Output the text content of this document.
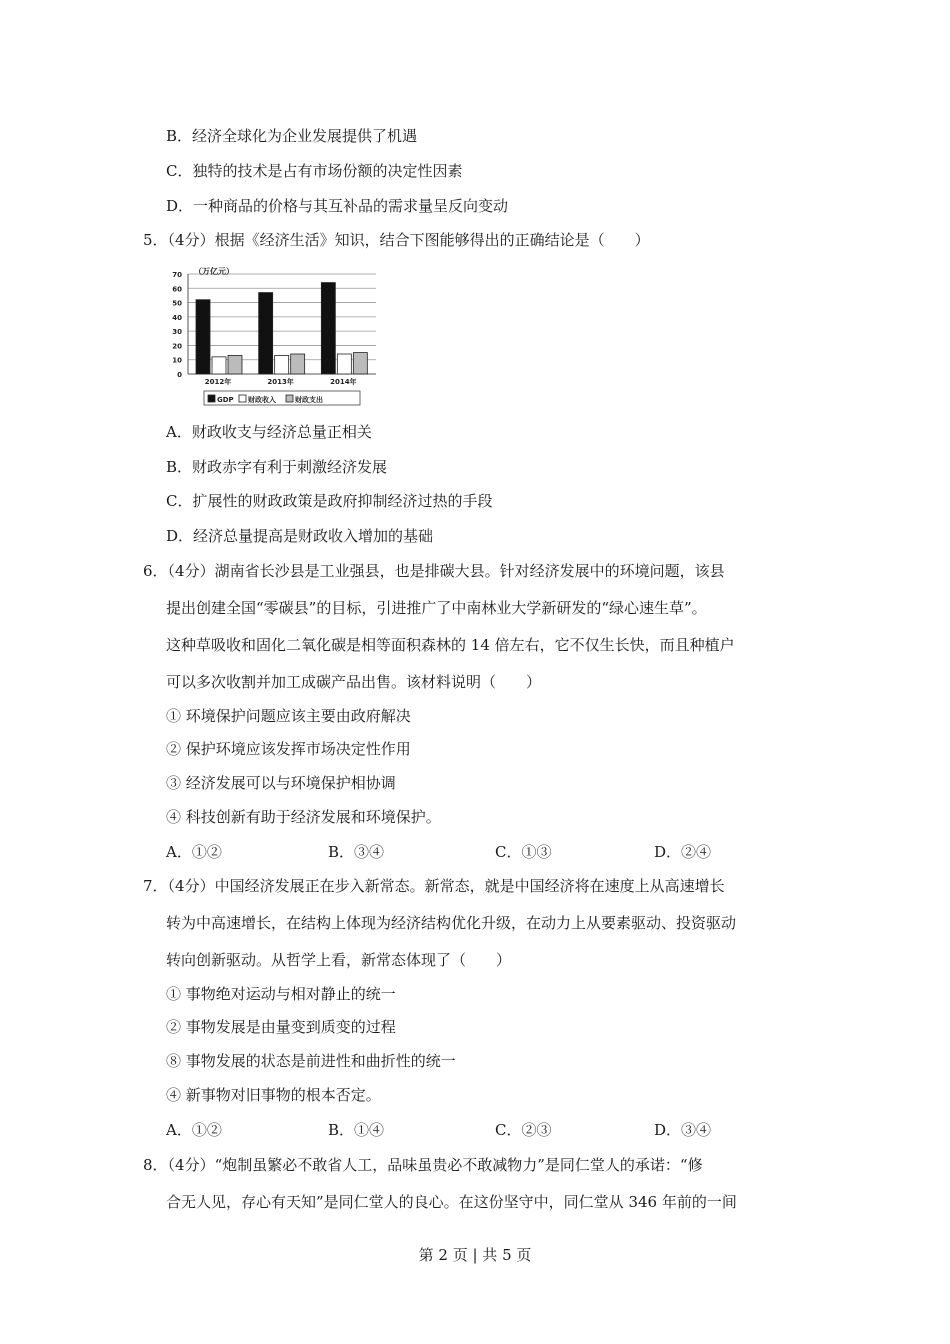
B．经济全球化为企业发展提供了机遇
C．独特的技术是占有市场份额的决定性因素
D．一种商品的价格与其互补品的需求量呈反向变动
5．（4分）根据《经济生活》知识，结合下图能够得出的正确结论是（　　）
0
10
20
30
40
50
60
70 （万亿元）
2012年	2013年	2014年
GDP 财政收入	财政支出
A．财政收支与经济总量正相关
B．财政赤字有利于刺激经济发展
C．扩展性的财政政策是政府抑制经济过热的手段
D．经济总量提高是财政收入增加的基础
6．（4分）湖南省长沙县是工业强县，也是排碳大县。针对经济发展中的环境问题，该县
提出创建全国“零碳县”的目标，引进推广了中南林业大学新研发的“绿心速生草”。
这种草吸收和固化二氧化碳是相等面积森林的 14 倍左右，它不仅生长快，而且种植户
可以多次收割并加工成碳产品出售。该材料说明（　　）
① 环境保护问题应该主要由政府解决
② 保护环境应该发挥市场决定性作用
③ 经济发展可以与环境保护相协调
④ 科技创新有助于经济发展和环境保护。
A．①②	B．③④	C．①③	D．②④
7．（4分）中国经济发展正在步入新常态。新常态，就是中国经济将在速度上从高速增长
转为中高速增长，在结构上体现为经济结构优化升级，在动力上从要素驱动、投资驱动
转向创新驱动。从哲学上看，新常态体现了（　　）
① 事物绝对运动与相对静止的统一
② 事物发展是由量变到质变的过程
⑧ 事物发展的状态是前进性和曲折性的统一
④ 新事物对旧事物的根本否定。
A．①②	B．①④	C．②③	D．③④
8．（4分）“炮制虽繁必不敢省人工，品味虽贵必不敢减物力”是同仁堂人的承诺：“修
合无人见，存心有天知”是同仁堂人的良心。在这份坚守中，同仁堂从 346 年前的一间
第 2 页 | 共 5 页
